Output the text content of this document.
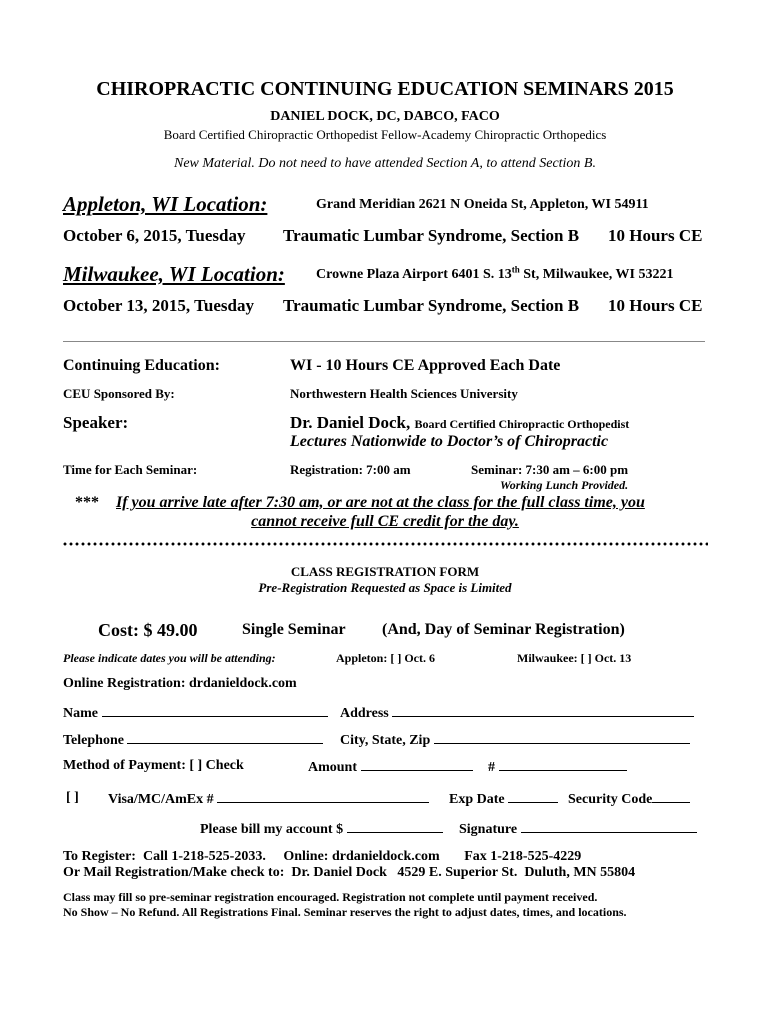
CHIROPRACTIC CONTINUING EDUCATION SEMINARS 2015
DANIEL DOCK, DC, DABCO, FACO
Board Certified Chiropractic Orthopedist Fellow-Academy Chiropractic Orthopedics
New Material. Do not need to have attended Section A, to attend Section B.
Appleton, WI Location:	Grand Meridian 2621 N Oneida St, Appleton, WI 54911
October 6, 2015, Tuesday Traumatic Lumbar Syndrome, Section B 10 Hours CE
Milwaukee, WI Location: Crowne Plaza Airport 6401 S. 13th St, Milwaukee, WI 53221
October 13, 2015, Tuesday Traumatic Lumbar Syndrome, Section B 10 Hours CE
Continuing Education:	WI - 10 Hours CE Approved Each Date
CEU Sponsored By:	Northwestern Health Sciences University
Speaker:	Dr. Daniel Dock, Board Certified Chiropractic Orthopedist
Lectures Nationwide to Doctor’s of Chiropractic
Time for Each Seminar:	Registration: 7:00 am	Seminar: 7:30 am – 6:00 pm
Working Lunch Provided.
*** If you arrive late after 7:30 am, or are not at the class for the full class time, you
cannot receive full CE credit for the day.
CLASS REGISTRATION FORM
Pre-Registration Requested as Space is Limited
Cost: $ 49.00	Single Seminar (And, Day of Seminar Registration)
Please indicate dates you will be attending:	Appleton: [ ] Oct. 6	Milwaukee: [ ] Oct. 13
Online Registration: drdanieldock.com
Name	Address
Telephone	City, State, Zip
Method of Payment: [ ] Check	Amount	#
[ ] Visa/MC/AmEx #	Exp Date	Security Code
Please bill my account $	Signature
To Register:  Call 1-218-525-2033.     Online: drdanieldock.com       Fax 1-218-525-4229
Or Mail Registration/Make check to:  Dr. Daniel Dock   4529 E. Superior St.  Duluth, MN 55804
Class may fill so pre-seminar registration encouraged. Registration not complete until payment received.
No Show – No Refund. All Registrations Final. Seminar reserves the right to adjust dates, times, and locations.
